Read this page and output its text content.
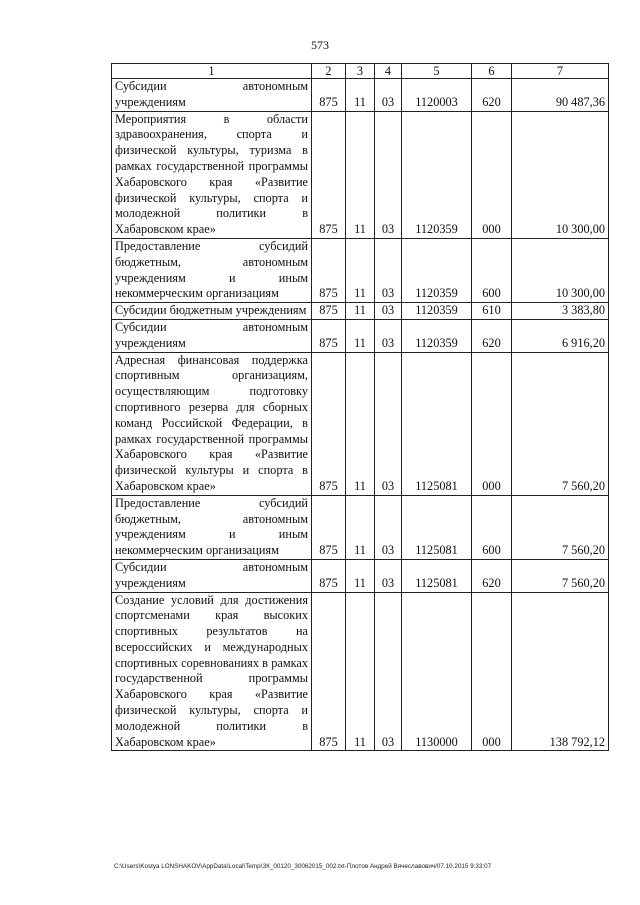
573
1	2	3	4	5	6	7
Субсидии автономным учреждениям	875	11	03	1120003	620	90 487,36
Мероприятия в области здравоохранения, спорта и физической культуры, туризма в рамках государственной программы Хабаровского края «Развитие физической культуры, спорта и молодежной политики в Хабаровском крае»	875	11	03	1120359	000	10 300,00
Предоставление субсидий бюджетным, автономным учреждениям и иным некоммерческим организациям	875	11	03	1120359	600	10 300,00
Субсидии бюджетным учреждениям	875	11	03	1120359	610	3 383,80
Субсидии автономным учреждениям	875	11	03	1120359	620	6 916,20
Адресная финансовая поддержка спортивным организациям, осуществляющим подготовку спортивного резерва для сборных команд Российской Федерации, в рамках государственной программы Хабаровского края «Развитие физической культуры и спорта в Хабаровском крае»	875	11	03	1125081	000	7 560,20
Предоставление субсидий бюджетным, автономным учреждениям и иным некоммерческим организациям	875	11	03	1125081	600	7 560,20
Субсидии автономным учреждениям	875	11	03	1125081	620	7 560,20
Создание условий для достижения спортсменами края высоких спортивных результатов на всероссийских и международных спортивных соревнованиях в рамках государственной программы Хабаровского края «Развитие физической культуры, спорта и молодежной политики в Хабаровском крае»	875	11	03	1130000	000	138 792,12
C:\Users\Kostya LONSHAKOV\AppData\Local\Temp\ЗК_00120_30062015_002.txt-Плотов Андрей Вячеславович/07.10.2015 9:33:07
